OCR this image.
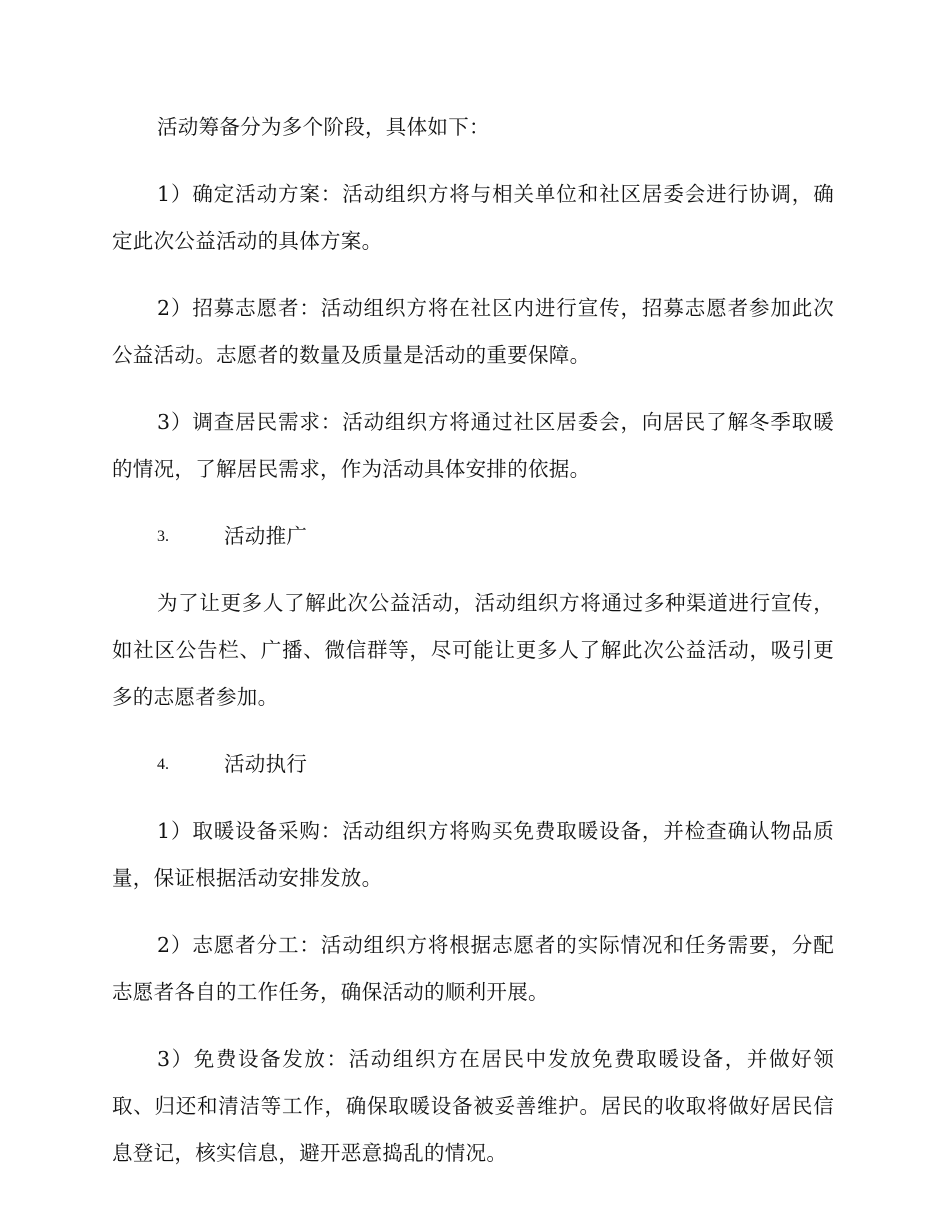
活动筹备分为多个阶段，具体如下：

1）确定活动方案：活动组织方将与相关单位和社区居委会进行协调，确定此次公益活动的具体方案。

2）招募志愿者：活动组织方将在社区内进行宣传，招募志愿者参加此次公益活动。志愿者的数量及质量是活动的重要保障。

3）调查居民需求：活动组织方将通过社区居委会，向居民了解冬季取暖的情况，了解居民需求，作为活动具体安排的依据。

3.	活动推广

为了让更多人了解此次公益活动，活动组织方将通过多种渠道进行宣传，如社区公告栏、广播、微信群等，尽可能让更多人了解此次公益活动，吸引更多的志愿者参加。

4.	活动执行

1）取暖设备采购：活动组织方将购买免费取暖设备，并检查确认物品质量，保证根据活动安排发放。

2）志愿者分工：活动组织方将根据志愿者的实际情况和任务需要，分配志愿者各自的工作任务，确保活动的顺利开展。

3）免费设备发放：活动组织方在居民中发放免费取暖设备，并做好领取、归还和清洁等工作，确保取暖设备被妥善维护。居民的收取将做好居民信息登记，核实信息，避开恶意捣乱的情况。
